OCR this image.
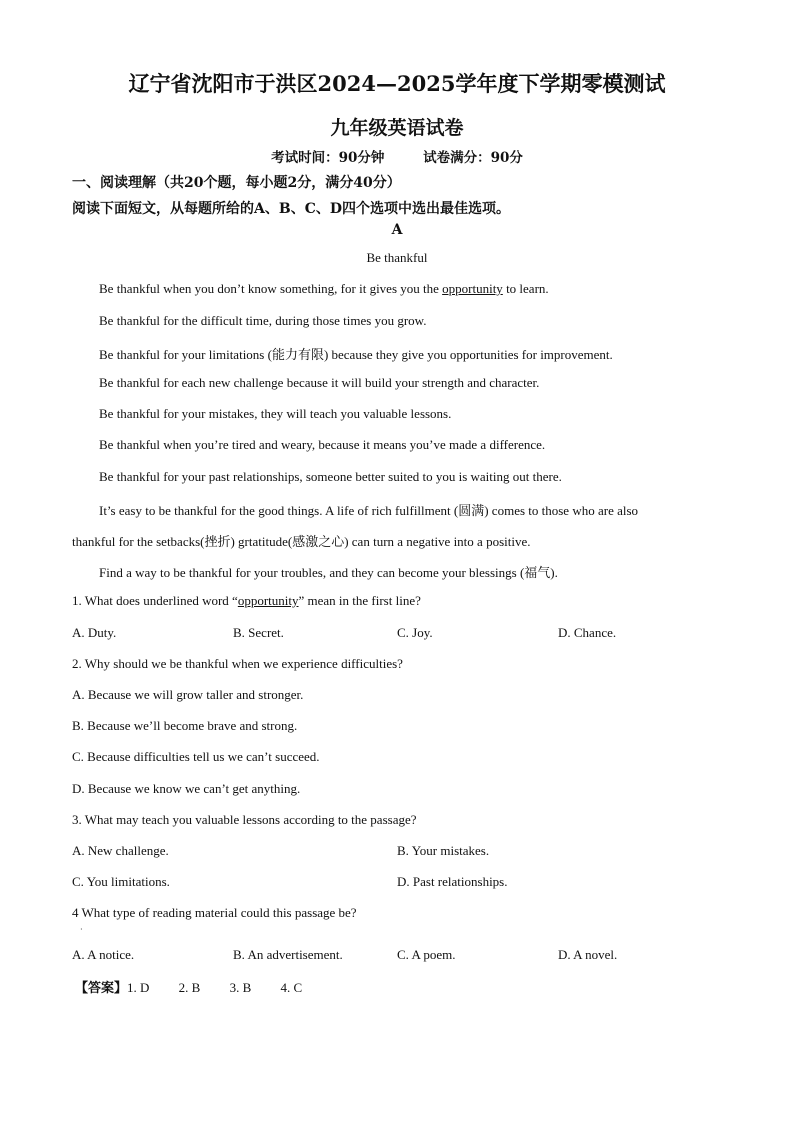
辽宁省沈阳市于洪区2024—2025学年度下学期零模测试
九年级英语试卷
考试时间：90分钟	试卷满分：90分
一、阅读理解（共20个题，每小题2分，满分40分）
阅读下面短文，从每题所给的A、B、C、D四个选项中选出最佳选项。
A
Be thankful
Be thankful when you don’t know something, for it gives you the opportunity to learn.
Be thankful for the difficult time, during those times you grow.
Be thankful for your limitations (能力有限) because they give you opportunities for improvement.
Be thankful for each new challenge because it will build your strength and character.
Be thankful for your mistakes, they will teach you valuable lessons.
Be thankful when you’re tired and weary, because it means you’ve made a difference.
Be thankful for your past relationships, someone better suited to you is waiting out there.
It’s easy to be thankful for the good things. A life of rich fulfillment (圆满) comes to those who are also
thankful for the setbacks(挫折) grtatitude(感激之心) can turn a negative into a positive.
Find a way to be thankful for your troubles, and they can become your blessings (福气).
1. What does underlined word “opportunity” mean in the first line?
A. Duty.	B. Secret.	C. Joy.	D. Chance.
2. Why should we be thankful when we experience difficulties?
A. Because we will grow taller and stronger.
B. Because we’ll become brave and strong.
C. Because difficulties tell us we can’t succeed.
D. Because we know we can’t get anything.
3. What may teach you valuable lessons according to the passage?
A. New challenge.	B. Your mistakes.
C. You limitations.	D. Past relationships.
4 What type of reading material could this passage be?
·
A. A notice.	B. An advertisement.	C. A poem.	D. A novel.
【答案】1. D 2. B 3. B 4. C
